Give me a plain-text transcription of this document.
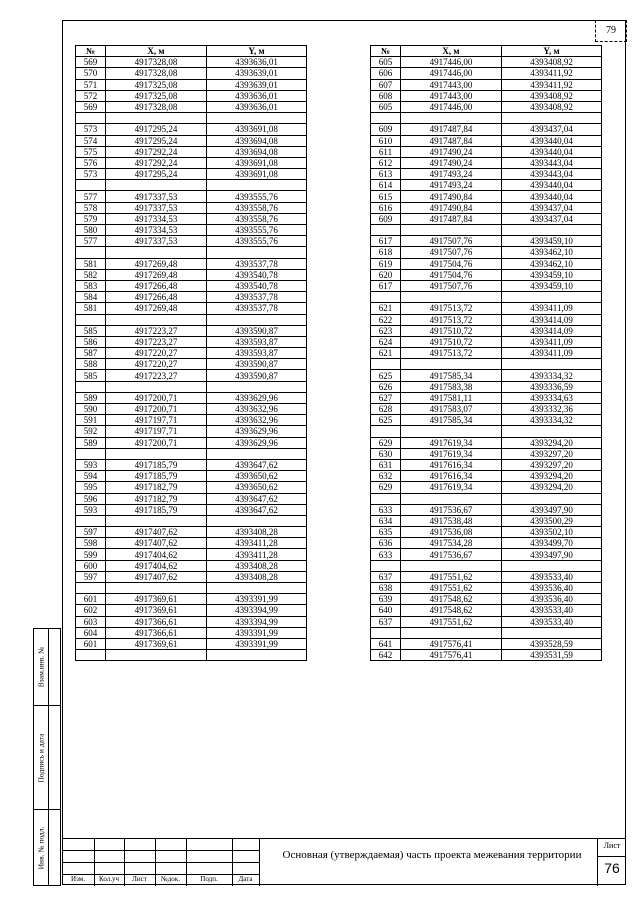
79
№	X, м	Y, м
569	4917328,08	4393636,01
570	4917328,08	4393639,01
571	4917325,08	4393639,01
572	4917325,08	4393636,01
569	4917328,08	4393636,01

573	4917295,24	4393691,08
574	4917295,24	4393694,08
575	4917292,24	4393694,08
576	4917292,24	4393691,08
573	4917295,24	4393691,08

577	4917337,53	4393555,76
578	4917337,53	4393558,76
579	4917334,53	4393558,76
580	4917334,53	4393555,76
577	4917337,53	4393555,76

581	4917269,48	4393537,78
582	4917269,48	4393540,78
583	4917266,48	4393540,78
584	4917266,48	4393537,78
581	4917269,48	4393537,78

585	4917223,27	4393590,87
586	4917223,27	4393593,87
587	4917220,27	4393593,87
588	4917220,27	4393590,87
585	4917223,27	4393590,87

589	4917200,71	4393629,96
590	4917200,71	4393632,96
591	4917197,71	4393632,96
592	4917197,71	4393629,96
589	4917200,71	4393629,96

593	4917185,79	4393647,62
594	4917185,79	4393650,62
595	4917182,79	4393650,62
596	4917182,79	4393647,62
593	4917185,79	4393647,62

597	4917407,62	4393408,28
598	4917407,62	4393411,28
599	4917404,62	4393411,28
600	4917404,62	4393408,28
597	4917407,62	4393408,28

601	4917369,61	4393391,99
602	4917369,61	4393394,99
603	4917366,61	4393394,99
604	4917366,61	4393391,99
601	4917369,61	4393391,99

№	X, м	Y, м
605	4917446,00	4393408,92
606	4917446,00	4393411,92
607	4917443,00	4393411,92
608	4917443,00	4393408,92
605	4917446,00	4393408,92

609	4917487,84	4393437,04
610	4917487,84	4393440,04
611	4917490,24	4393440,04
612	4917490,24	4393443,04
613	4917493,24	4393443,04
614	4917493,24	4393440,04
615	4917490,84	4393440,04
616	4917490,84	4393437,04
609	4917487,84	4393437,04

617	4917507,76	4393459,10
618	4917507,76	4393462,10
619	4917504,76	4393462,10
620	4917504,76	4393459,10
617	4917507,76	4393459,10

621	4917513,72	4393411,09
622	4917513,72	4393414,09
623	4917510,72	4393414,09
624	4917510,72	4393411,09
621	4917513,72	4393411,09

625	4917585,34	4393334,32
626	4917583,38	4393336,59
627	4917581,11	4393334,63
628	4917583,07	4393332,36
625	4917585,34	4393334,32

629	4917619,34	4393294,20
630	4917619,34	4393297,20
631	4917616,34	4393297,20
632	4917616,34	4393294,20
629	4917619,34	4393294,20

633	4917536,67	4393497,90
634	4917538,48	4393500,29
635	4917536,08	4393502,10
636	4917534,28	4393499,70
633	4917536,67	4393497,90

637	4917551,62	4393533,40
638	4917551,62	4393536,40
639	4917548,62	4393536,40
640	4917548,62	4393533,40
637	4917551,62	4393533,40

641	4917576,41	4393528,59
642	4917576,41	4393531,59
Взам.инв. №
Подпись и дата
Инв. № подл.
Изм.	Кол.уч	Лист	№док.	Подп.	Дата
Основная (утверждаемая) часть проекта межевания территории
Лист
76
